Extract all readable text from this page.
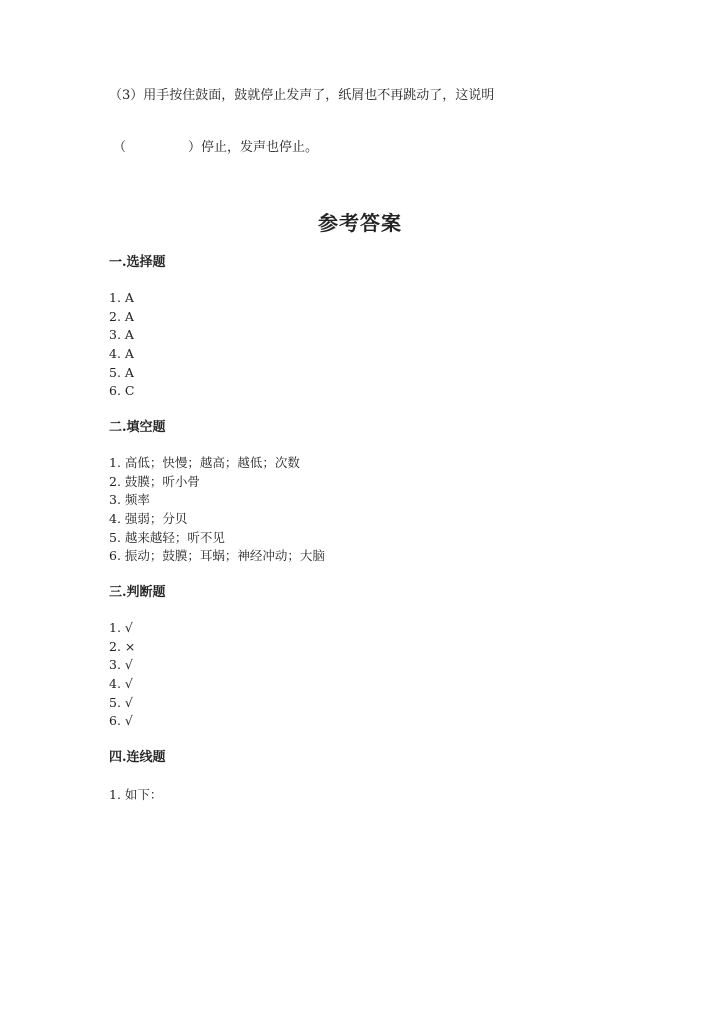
（3）用手按住鼓面，鼓就停止发声了，纸屑也不再跳动了，这说明
（	）停止，发声也停止。
参考答案
一.选择题
1. A
2. A
3. A
4. A
5. A
6. C
二.填空题
1. 高低；快慢；越高；越低；次数
2. 鼓膜；听小骨
3. 频率
4. 强弱；分贝
5. 越来越轻；听不见
6. 振动；鼓膜；耳蜗；神经冲动；大脑
三.判断题
1. √
2. ×
3. √
4. √
5. √
6. √
四.连线题
1. 如下：
